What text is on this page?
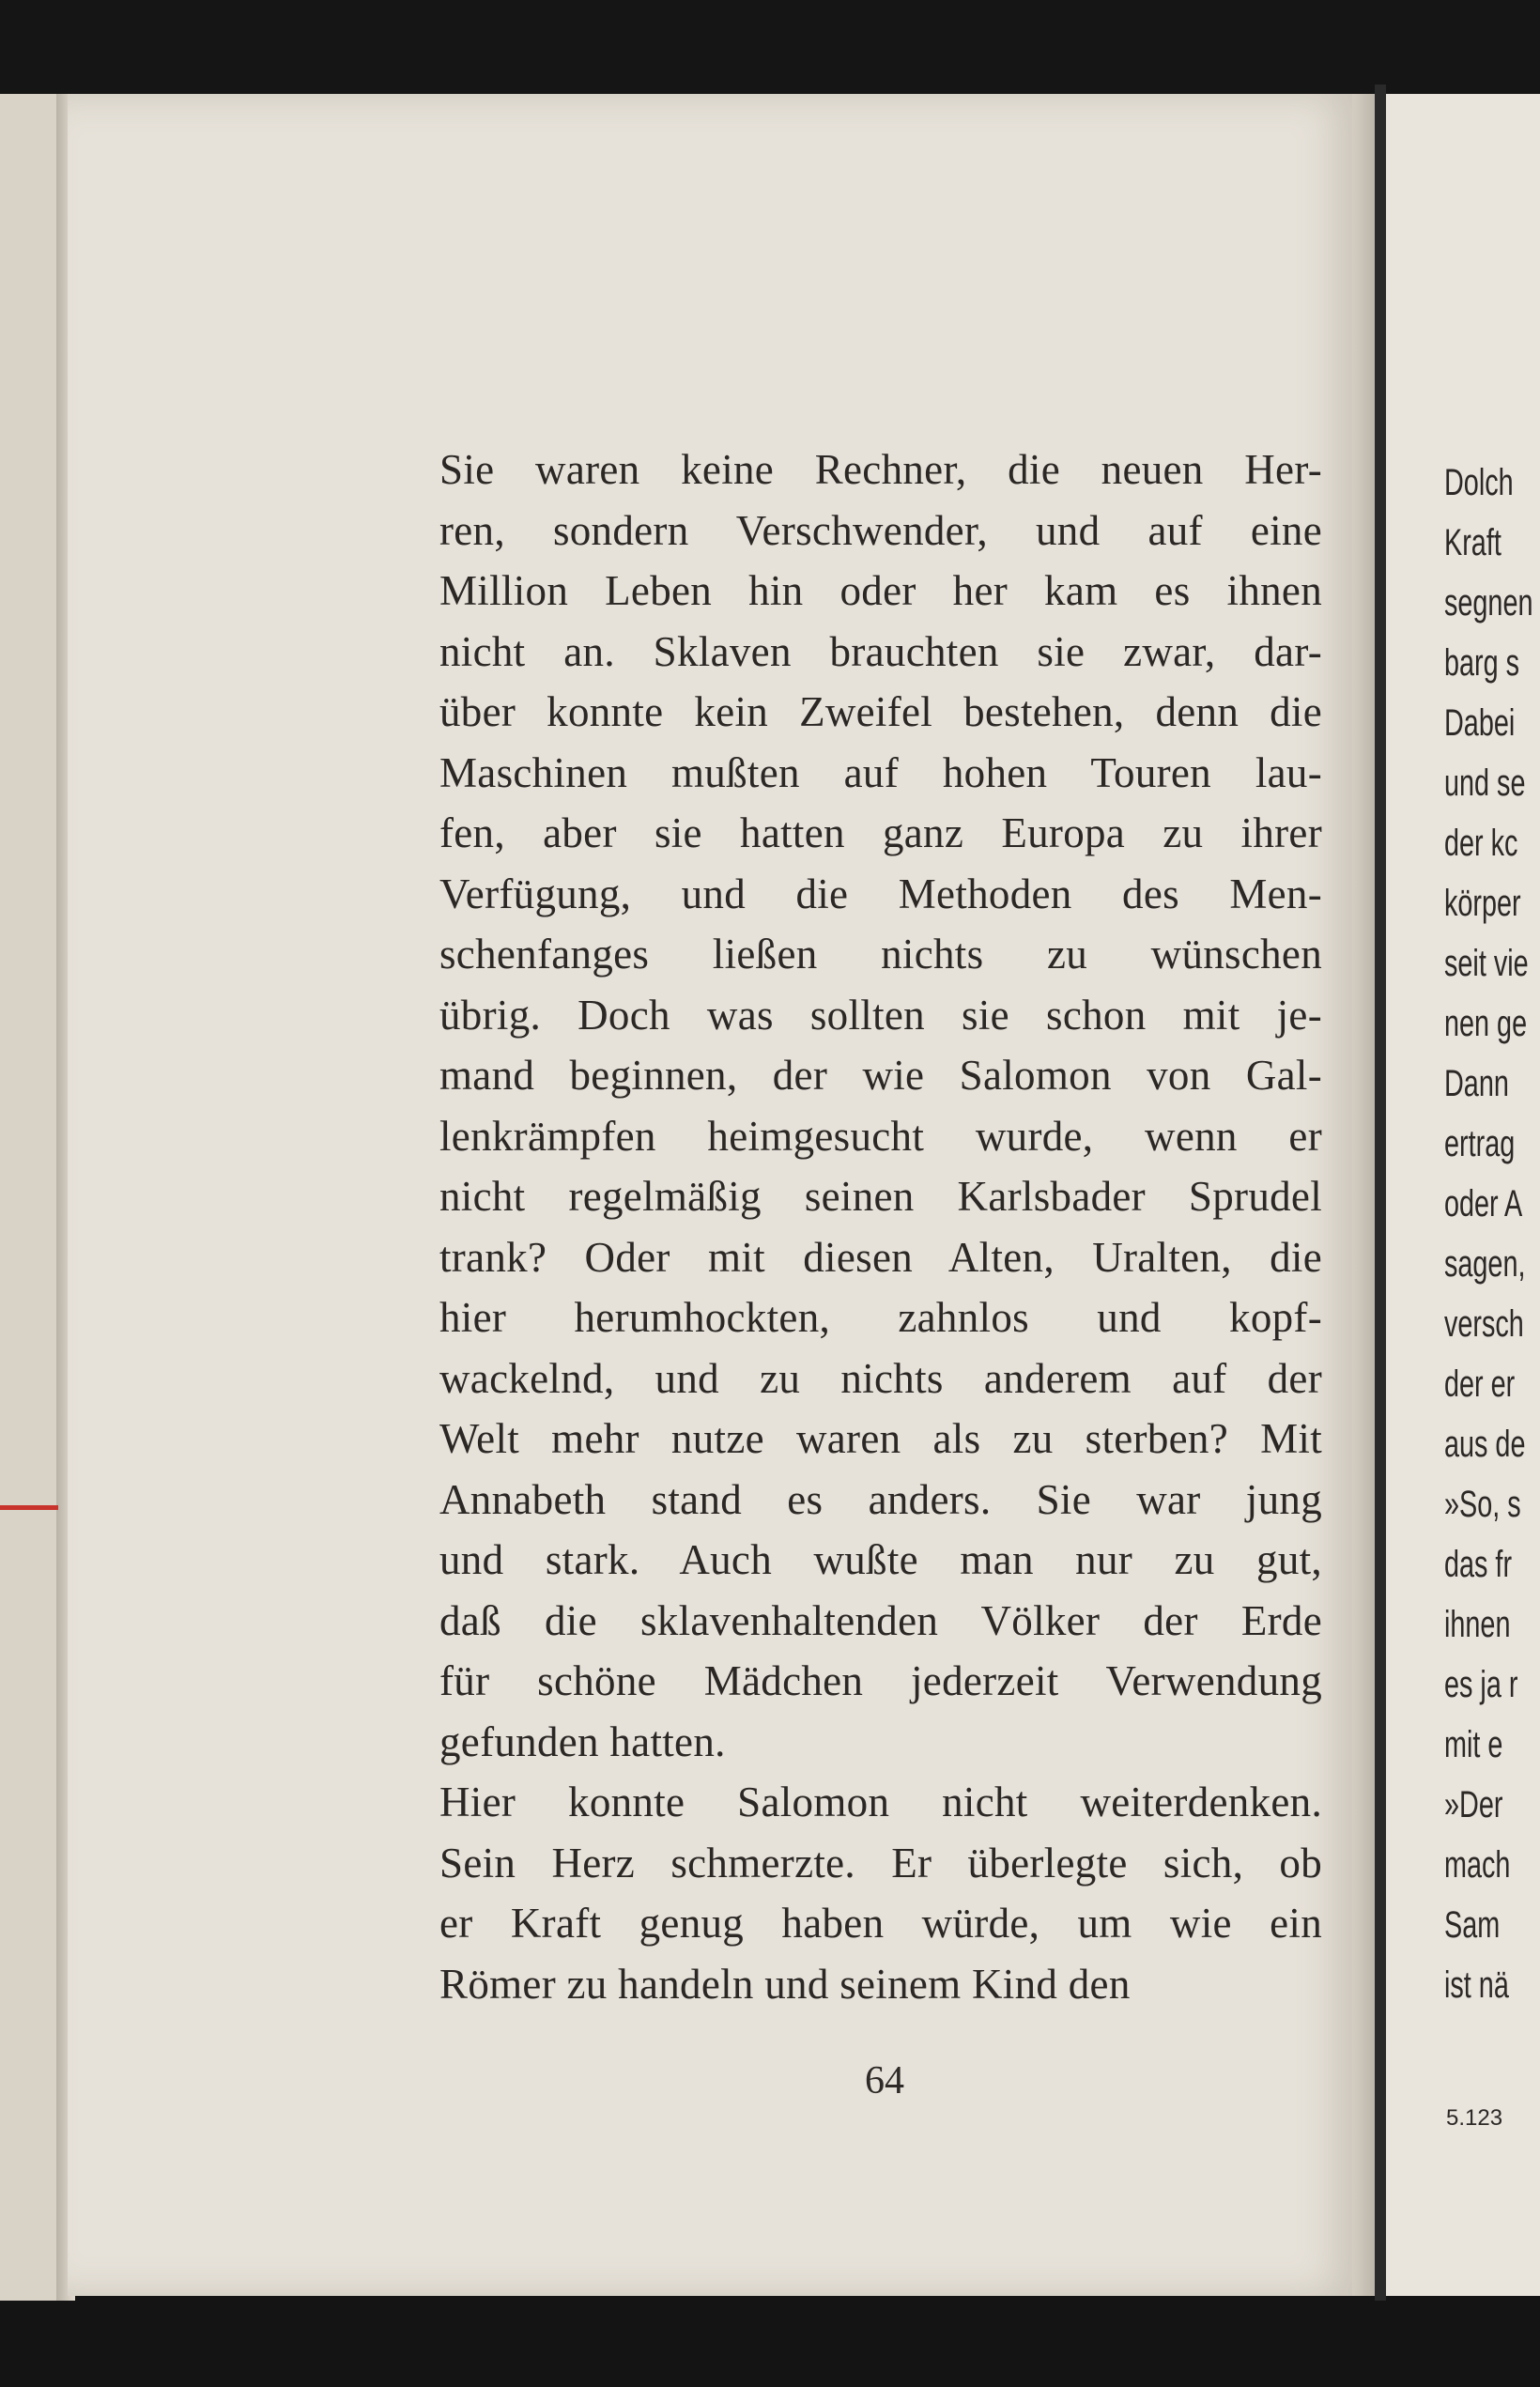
Sie waren keine Rechner, die neuen Her-
ren, sondern Verschwender, und auf eine
Million Leben hin oder her kam es ihnen
nicht an. Sklaven brauchten sie zwar, dar-
über konnte kein Zweifel bestehen, denn die
Maschinen mußten auf hohen Touren lau-
fen, aber sie hatten ganz Europa zu ihrer
Verfügung, und die Methoden des Men-
schenfanges ließen nichts zu wünschen
übrig. Doch was sollten sie schon mit je-
mand beginnen, der wie Salomon von Gal-
lenkrämpfen heimgesucht wurde, wenn er
nicht regelmäßig seinen Karlsbader Sprudel
trank? Oder mit diesen Alten, Uralten, die
hier herumhockten, zahnlos und kopf-
wackelnd, und zu nichts anderem auf der
Welt mehr nutze waren als zu sterben? Mit
Annabeth stand es anders. Sie war jung
und stark. Auch wußte man nur zu gut,
daß die sklavenhaltenden Völker der Erde
für schöne Mädchen jederzeit Verwendung
gefunden hatten.
Hier konnte Salomon nicht weiterdenken.
Sein Herz schmerzte. Er überlegte sich, ob
er Kraft genug haben würde, um wie ein
Römer zu handeln und seinem Kind den
64
Dolch
Kraft
segnen
barg s
Dabei
und se
der kc
körper
seit vie
nen ge
Dann
ertrag
oder A
sagen,
versch
der er
aus de
»So, s
das fr
ihnen
es ja r
mit e
»Der
mach
Sam
ist nä
5.123
